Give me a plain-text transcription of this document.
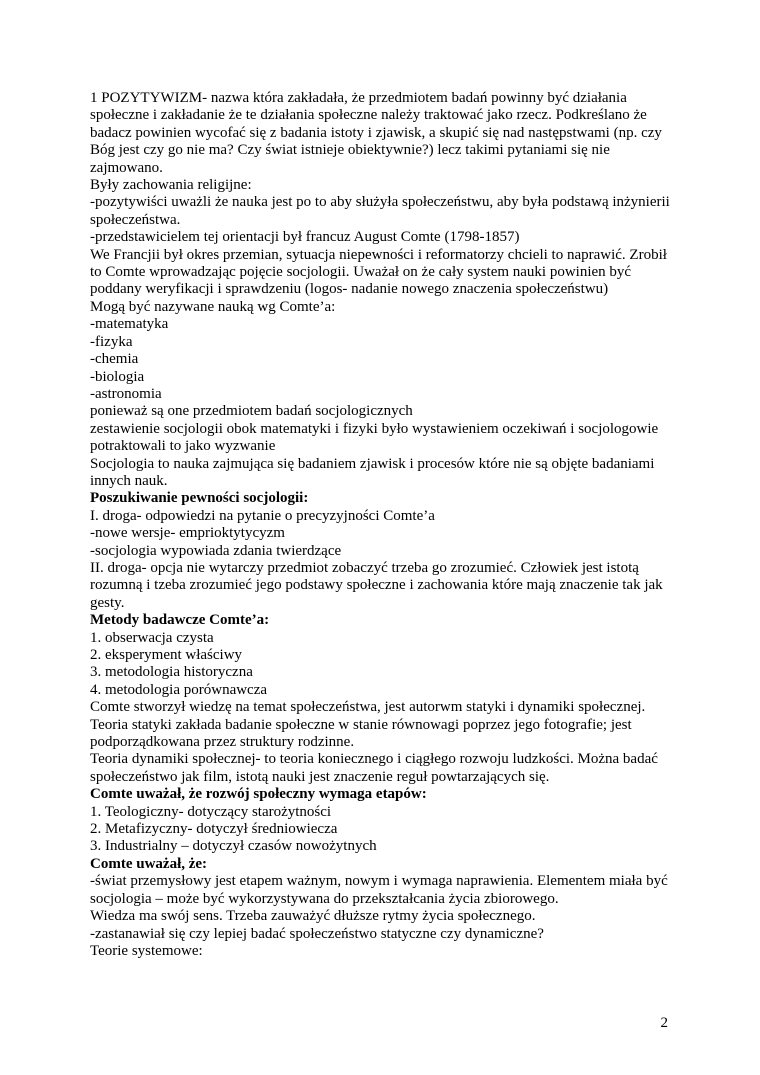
1 POZYTYWIZM- nazwa która zakładała, że przedmiotem badań powinny być działania społeczne i zakładanie że te działania społeczne należy traktować jako rzecz. Podkreślano że badacz powinien wycofać się z badania istoty i zjawisk, a skupić się nad następstwami (np. czy Bóg jest czy go nie ma? Czy świat istnieje obiektywnie?) lecz takimi pytaniami się nie zajmowano.

Były zachowania religijne:

-pozytywiści uważli że nauka jest po to aby służyła społeczeństwu, aby była podstawą inżynierii społeczeństwa.

-przedstawicielem tej orientacji był francuz August Comte (1798-1857)

We Francjii był okres przemian, sytuacja niepewności i reformatorzy chcieli to naprawić. Zrobił to Comte wprowadzając pojęcie socjologii. Uważał on że cały system nauki powinien być poddany weryfikacji i sprawdzeniu (logos- nadanie nowego znaczenia społeczeństwu)

Mogą być nazywane nauką wg Comte’a:

-matematyka

-fizyka

-chemia

-biologia

-astronomia

ponieważ są one przedmiotem badań socjologicznych

zestawienie socjologii obok matematyki i fizyki było wystawieniem oczekiwań i socjologowie potraktowali to jako wyzwanie

Socjologia to nauka zajmująca się badaniem zjawisk i procesów które nie są objęte badaniami innych nauk.

Poszukiwanie pewności socjologii:

I. droga- odpowiedzi na pytanie o precyzyjności Comte’a

-nowe wersje- emprioktytycyzm

-socjologia wypowiada zdania twierdzące

II. droga- opcja nie wytarczy przedmiot zobaczyć trzeba go zrozumieć. Człowiek jest istotą rozumną i tzeba zrozumieć jego podstawy społeczne i zachowania które mają znaczenie tak jak gesty.

Metody badawcze Comte’a:

1. obserwacja czysta

2. eksperyment właściwy

3. metodologia historyczna

4. metodologia porównawcza

Comte stworzył wiedzę na temat społeczeństwa, jest autorwm statyki i dynamiki społecznej.

Teoria statyki zakłada badanie społeczne w stanie równowagi poprzez jego fotografie; jest podporządkowana przez struktury rodzinne.

Teoria dynamiki społecznej- to teoria koniecznego i ciągłego rozwoju ludzkości. Można badać społeczeństwo jak film, istotą nauki jest znaczenie reguł powtarzających się.

Comte uważał, że rozwój społeczny wymaga etapów:

1. Teologiczny- dotyczący starożytności

2. Metafizyczny- dotyczył średniowiecza

3. Industrialny – dotyczył czasów nowożytnych

Comte uważał, że:

-świat przemysłowy jest etapem ważnym, nowym i wymaga naprawienia. Elementem miała być socjologia – może być wykorzystywana do przekształcania życia zbiorowego.

Wiedza ma swój sens. Trzeba zauważyć dłuższe rytmy życia społecznego.

-zastanawiał się czy lepiej badać społeczeństwo statyczne czy dynamiczne?

Teorie systemowe:

2
